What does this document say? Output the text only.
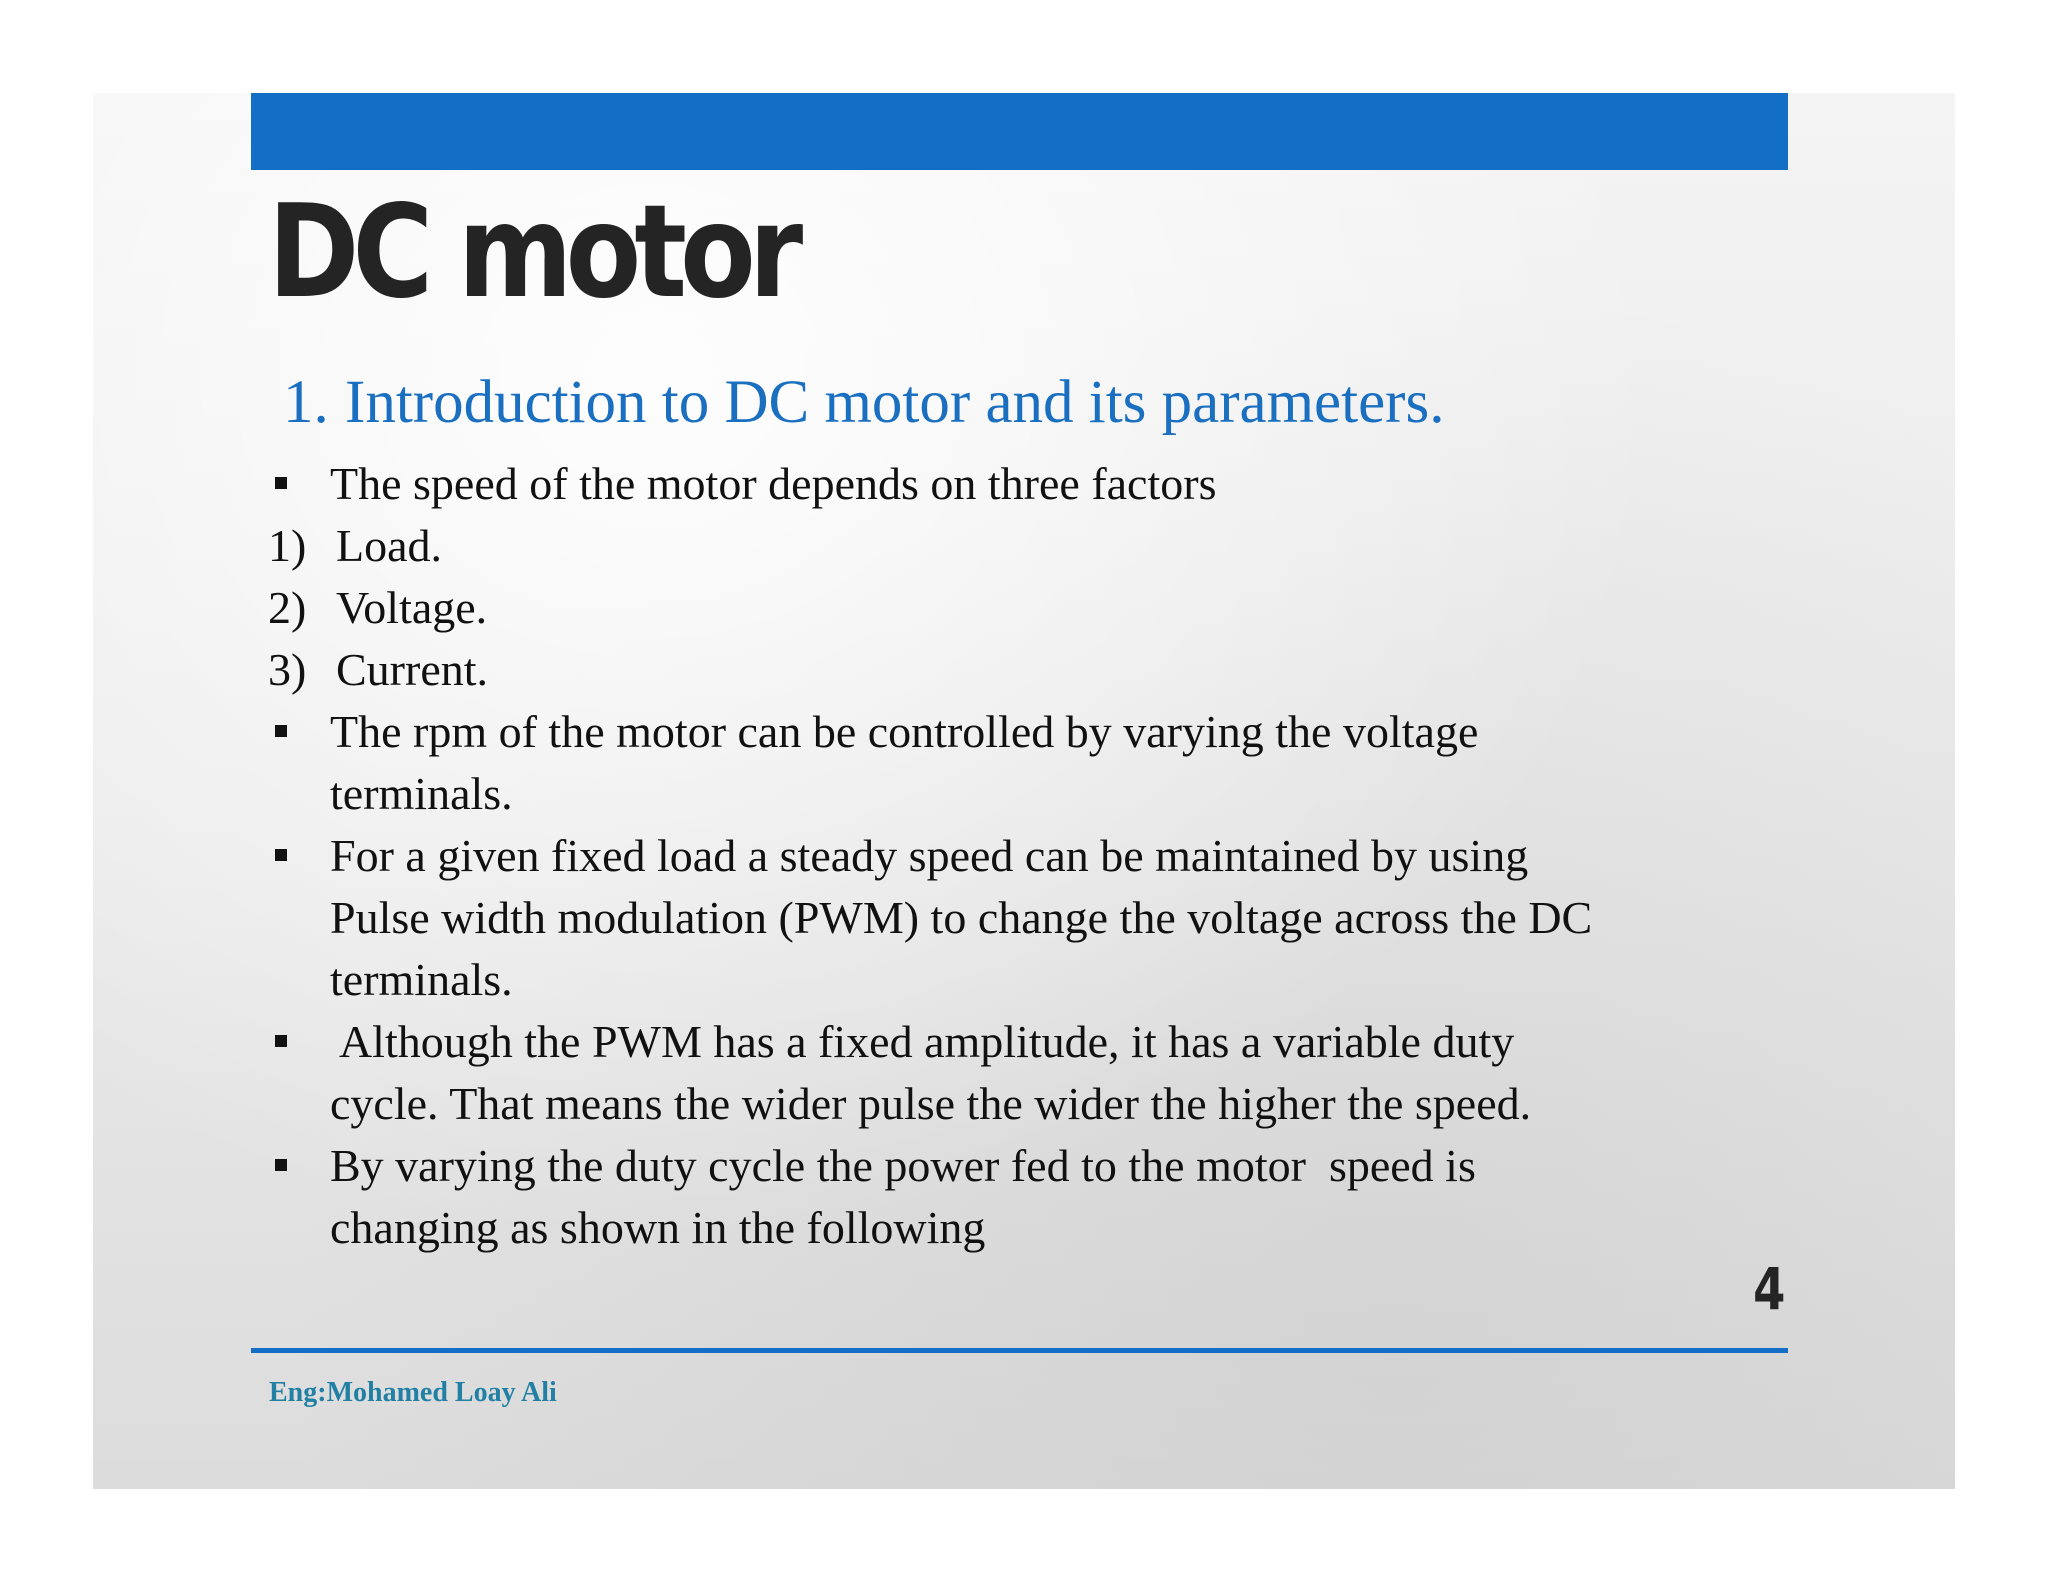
DC motor
1. Introduction to DC motor and its parameters.
The speed of the motor depends on three factors
1) Load.
2) Voltage.
3) Current.
The rpm of the motor can be controlled by varying the voltage
terminals.
For a given fixed load a steady speed can be maintained by using
Pulse width modulation (PWM) to change the voltage across the DC
terminals.
Although the PWM has a fixed amplitude, it has a variable duty
cycle. That means the wider pulse the wider the higher the speed.
By varying the duty cycle the power fed to the motor  speed is
changing as shown in the following
4
Eng:Mohamed Loay Ali
